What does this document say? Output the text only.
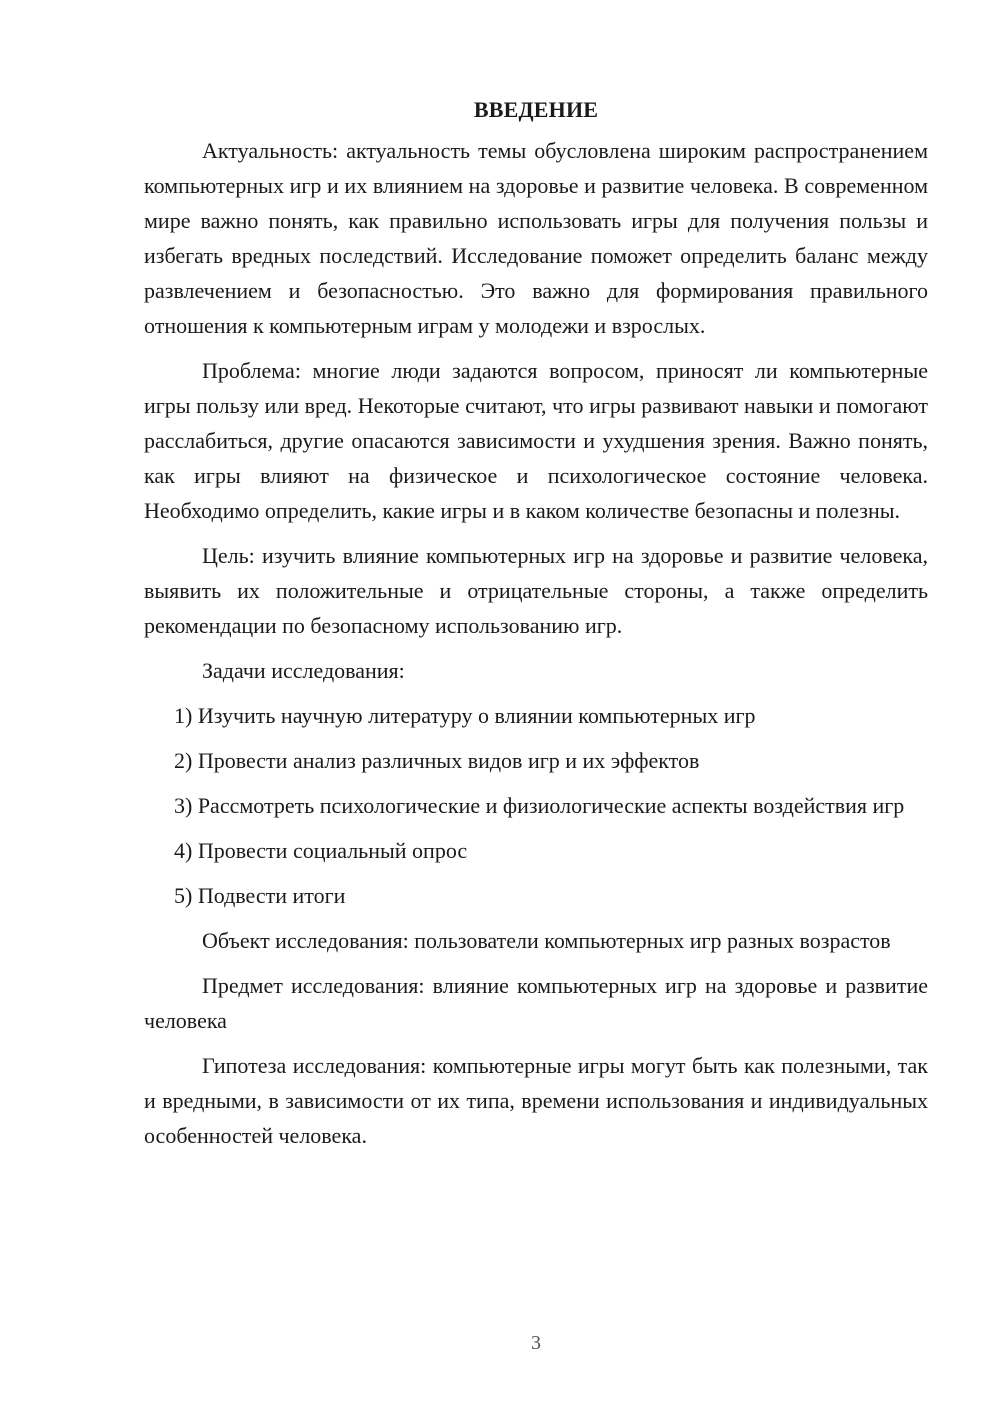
ВВЕДЕНИЕ

Актуальность: актуальность темы обусловлена широким распространением компьютерных игр и их влиянием на здоровье и развитие человека. В современном мире важно понять, как правильно использовать игры для получения пользы и избегать вредных последствий. Исследование поможет определить баланс между развлечением и безопасностью. Это важно для формирования правильного отношения к компьютерным играм у молодежи и взрослых.

Проблема: многие люди задаются вопросом, приносят ли компьютерные игры пользу или вред. Некоторые считают, что игры развивают навыки и помогают расслабиться, другие опасаются зависимости и ухудшения зрения. Важно понять, как игры влияют на физическое и психологическое состояние человека. Необходимо определить, какие игры и в каком количестве безопасны и полезны.

Цель: изучить влияние компьютерных игр на здоровье и развитие человека, выявить их положительные и отрицательные стороны, а также определить рекомендации по безопасному использованию игр.

Задачи исследования:

1) Изучить научную литературу о влиянии компьютерных игр

2) Провести анализ различных видов игр и их эффектов

3) Рассмотреть психологические и физиологические аспекты воздействия игр

4) Провести социальный опрос

5) Подвести итоги

Объект исследования: пользователи компьютерных игр разных возрастов

Предмет исследования: влияние компьютерных игр на здоровье и развитие человека

Гипотеза исследования: компьютерные игры могут быть как полезными, так и вредными, в зависимости от их типа, времени использования и индивидуальных особенностей человека.

3
